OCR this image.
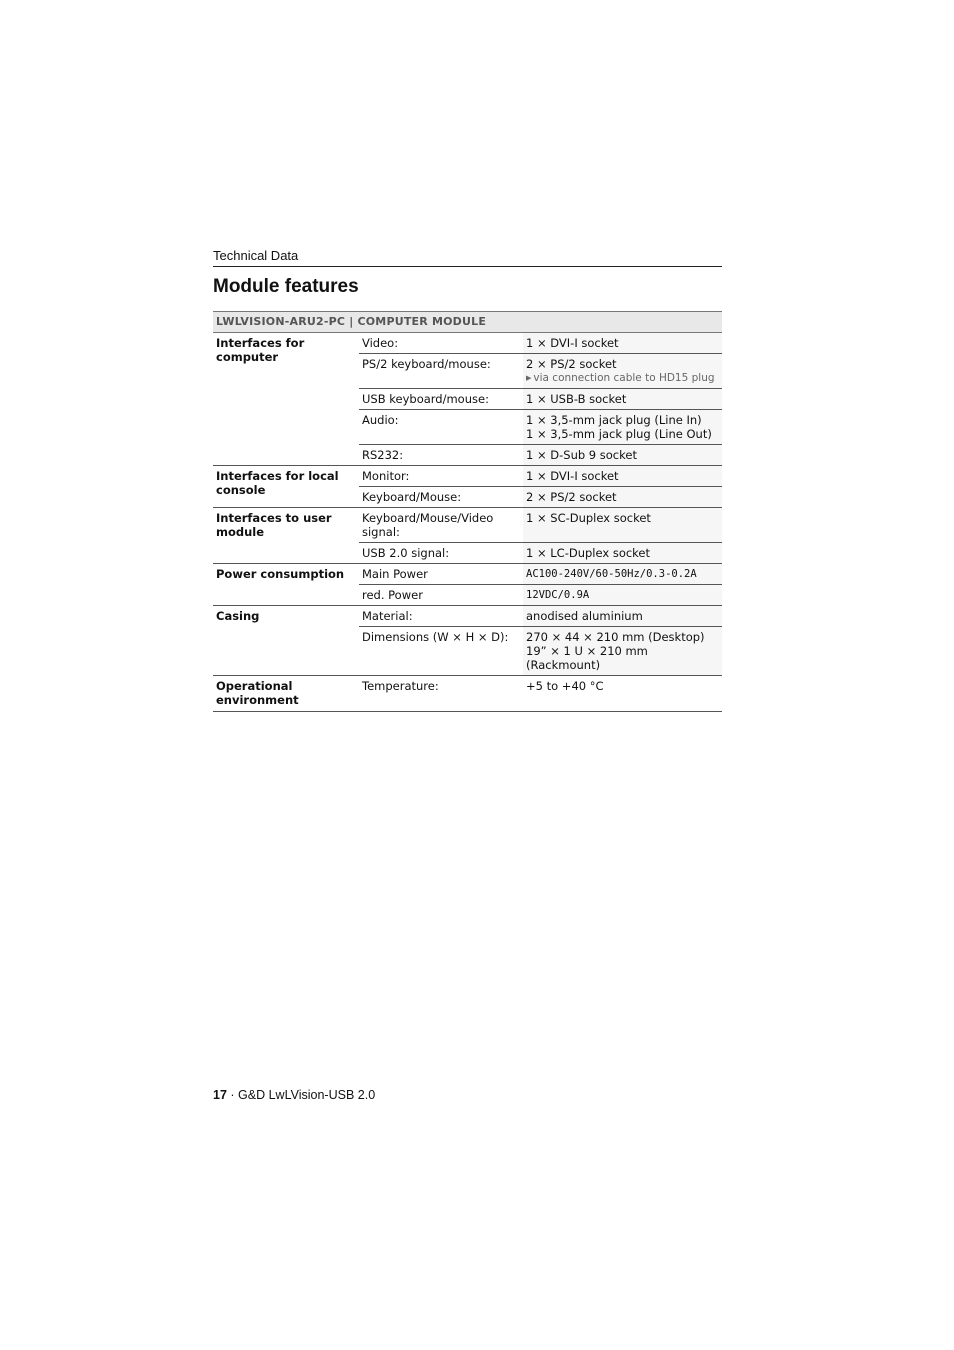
Technical Data
Module features
LWLVISION-ARU2-PC | COMPUTER MODULE		
Interfaces for computer	Video:	1 × DVI-I socket
	PS/2 keyboard/mouse:	2 × PS/2 socket
▶ via connection cable to HD15 plug

	USB keyboard/mouse:	1 × USB-B socket
	Audio:	1 × 3,5-mm jack plug (Line In)
1 × 3,5-mm jack plug (Line Out)

	RS232:	1 × D-Sub 9 socket
Interfaces for local console	Monitor:	1 × DVI-I socket
	Keyboard/Mouse:	2 × PS/2 socket
Interfaces to user module	Keyboard/Mouse/Video signal:	1 × SC-Duplex socket
	USB 2.0 signal:	1 × LC-Duplex socket
Power consumption	Main Power	AC100-240V/60-50Hz/0.3-0.2A
	red. Power	12VDC/0.9A
Casing	Material:	anodised aluminium
	Dimensions (W × H × D):	270 × 44 × 210 mm (Desktop)
19” × 1 U × 210 mm (Rackmount)

Operational environment	Temperature:	+5 to +40 °C
17 · G&D LwLVision-USB 2.0
